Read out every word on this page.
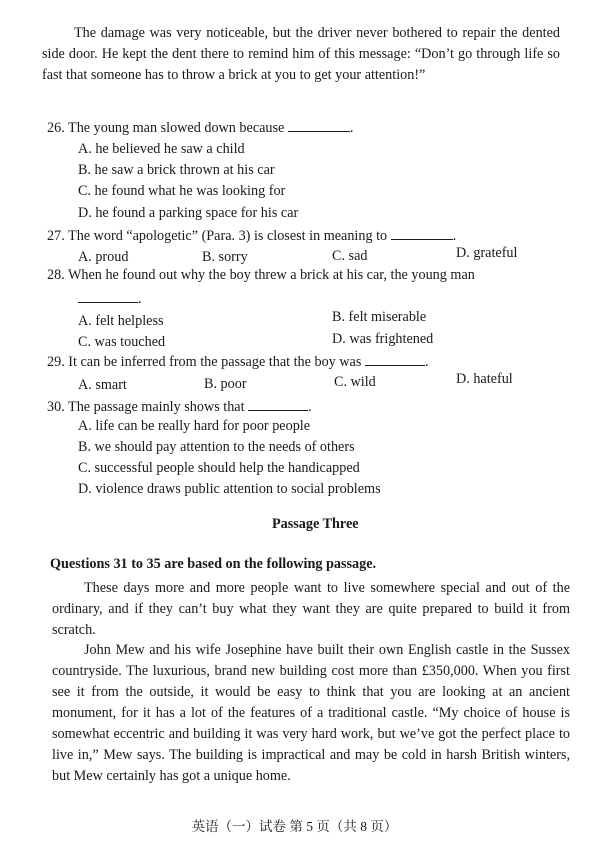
The damage was very noticeable, but the driver never bothered to repair the dented side door. He kept the dent there to remind him of this message: “Don’t go through life so fast that someone has to throw a brick at you to get your attention!”
26. The young man slowed down because	.
A. he believed he saw a child
B. he saw a brick thrown at his car
C. he found what he was looking for
D. he found a parking space for his car
27. The word “apologetic” (Para. 3) is closest in meaning to	.
A. proud	B. sorry	C. sad	D. grateful
28. When he found out why the boy threw a brick at his car, the young man
.
A. felt helpless	B. felt miserable
C. was touched	D. was frightened
29. It can be inferred from the passage that the boy was	.
A. smart	B. poor	C. wild	D. hateful
30. The passage mainly shows that	.
A. life can be really hard for poor people
B. we should pay attention to the needs of others
C. successful people should help the handicapped
D. violence draws public attention to social problems
Passage Three
Questions 31 to 35 are based on the following passage.
These days more and more people want to live somewhere special and out of the ordinary, and if they can’t buy what they want they are quite prepared to build it from scratch.
John Mew and his wife Josephine have built their own English castle in the Sussex countryside. The luxurious, brand new building cost more than £350,000. When you first see it from the outside, it would be easy to think that you are looking at an ancient monument, for it has a lot of the features of a traditional castle. “My choice of house is somewhat eccentric and building it was very hard work, but we’ve got the perfect place to live in,” Mew says. The building is impractical and may be cold in harsh British winters, but Mew certainly has got a unique home.
英语（一）试卷 第 5 页（共 8 页）
